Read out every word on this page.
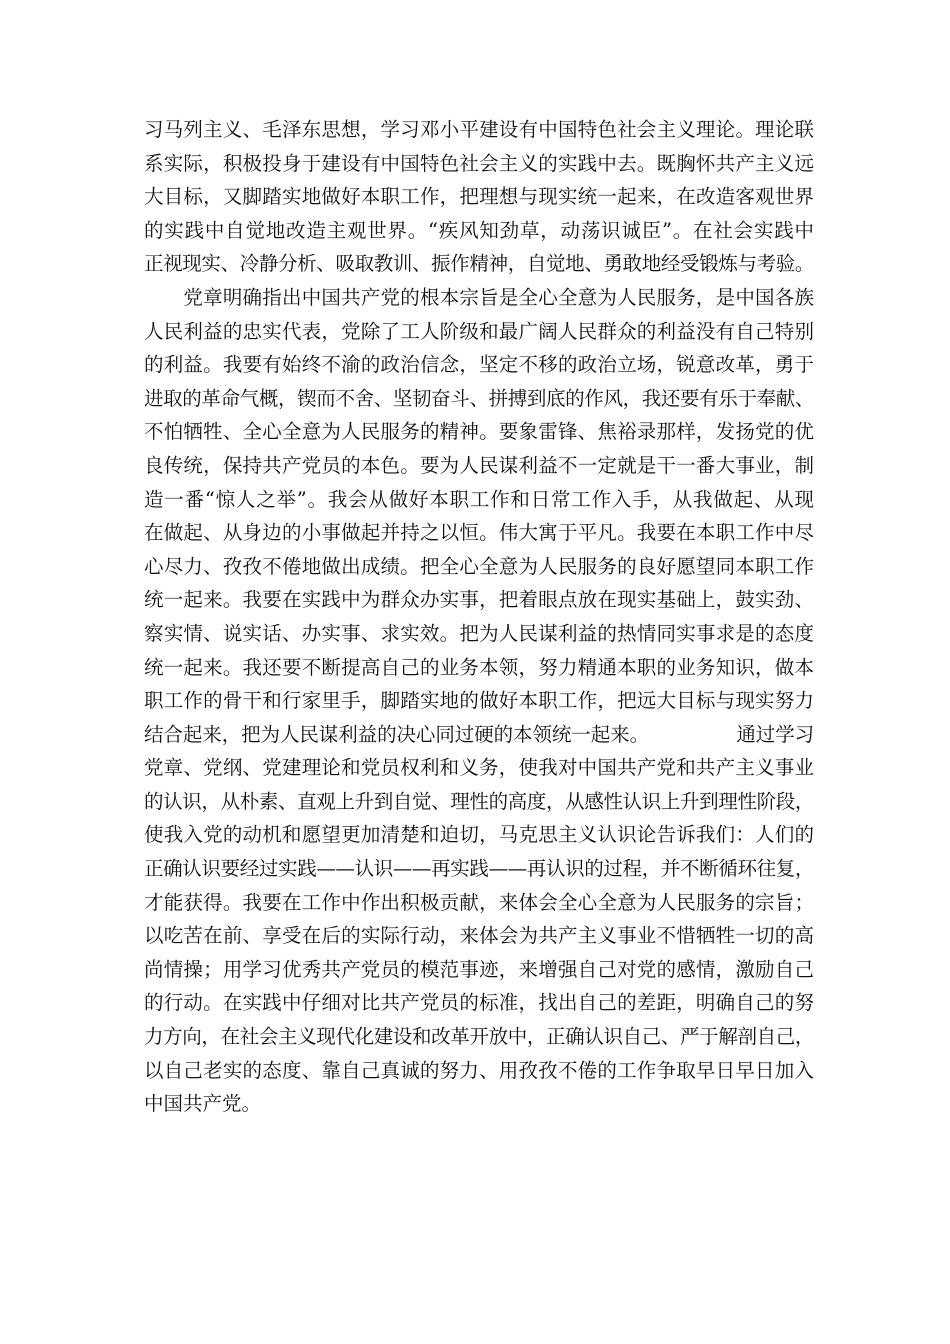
习马列主义、毛泽东思想，学习邓小平建设有中国特色社会主义理论。理论联
系实际，积极投身于建设有中国特色社会主义的实践中去。既胸怀共产主义远
大目标，又脚踏实地做好本职工作，把理想与现实统一起来，在改造客观世界
的实践中自觉地改造主观世界。“疾风知劲草，动荡识诚臣”。在社会实践中
正视现实、冷静分析、吸取教训、振作精神，自觉地、勇敢地经受锻炼与考验。
　　党章明确指出中国共产党的根本宗旨是全心全意为人民服务，是中国各族
人民利益的忠实代表，党除了工人阶级和最广阔人民群众的利益没有自己特别
的利益。我要有始终不渝的政治信念，坚定不移的政治立场，锐意改革，勇于
进取的革命气概，锲而不舍、坚韧奋斗、拼搏到底的作风，我还要有乐于奉献、
不怕牺牲、全心全意为人民服务的精神。要象雷锋、焦裕录那样，发扬党的优
良传统，保持共产党员的本色。要为人民谋利益不一定就是干一番大事业，制
造一番“惊人之举”。我会从做好本职工作和日常工作入手，从我做起、从现
在做起、从身边的小事做起并持之以恒。伟大寓于平凡。我要在本职工作中尽
心尽力、孜孜不倦地做出成绩。把全心全意为人民服务的良好愿望同本职工作
统一起来。我要在实践中为群众办实事，把着眼点放在现实基础上，鼓实劲、
察实情、说实话、办实事、求实效。把为人民谋利益的热情同实事求是的态度
统一起来。我还要不断提高自己的业务本领，努力精通本职的业务知识，做本
职工作的骨干和行家里手，脚踏实地的做好本职工作，把远大目标与现实努力
结合起来，把为人民谋利益的决心同过硬的本领统一起来。　　　　　通过学习
党章、党纲、党建理论和党员权利和义务，使我对中国共产党和共产主义事业
的认识，从朴素、直观上升到自觉、理性的高度，从感性认识上升到理性阶段，
使我入党的动机和愿望更加清楚和迫切，马克思主义认识论告诉我们：人们的
正确认识要经过实践——认识——再实践——再认识的过程，并不断循环往复，
才能获得。我要在工作中作出积极贡献，来体会全心全意为人民服务的宗旨；
以吃苦在前、享受在后的实际行动，来体会为共产主义事业不惜牺牲一切的高
尚情操；用学习优秀共产党员的模范事迹，来增强自己对党的感情，激励自己
的行动。在实践中仔细对比共产党员的标准，找出自己的差距，明确自己的努
力方向，在社会主义现代化建设和改革开放中，正确认识自己、严于解剖自己，
以自己老实的态度、靠自己真诚的努力、用孜孜不倦的工作争取早日早日加入
中国共产党。
